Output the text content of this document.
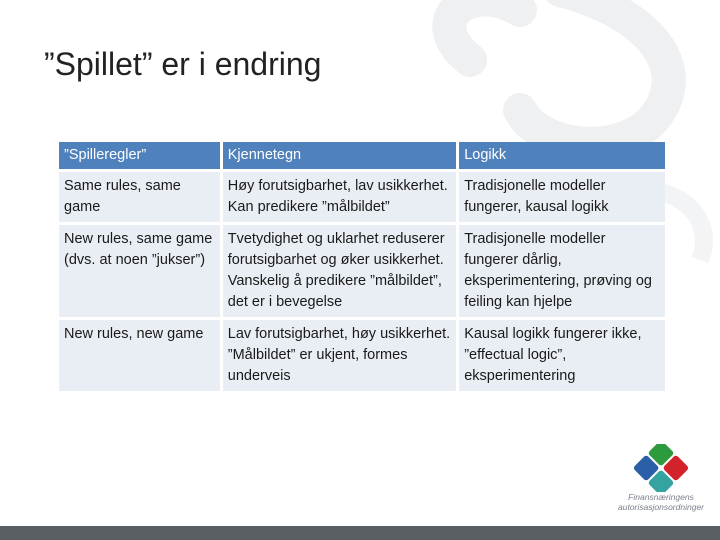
”Spillet” er i endring
”Spilleregler”	Kjennetegn	Logikk
Same rules, same game	Høy forutsigbarhet, lav usikkerhet. Kan predikere ”målbildet”	Tradisjonelle modeller fungerer, kausal logikk
New rules, same game (dvs. at noen ”jukser”)	Tvetydighet og uklarhet reduserer forutsigbarhet og øker usikkerhet. Vanskelig å predikere ”målbildet”, det er i bevegelse	Tradisjonelle modeller fungerer dårlig, eksperimentering, prøving og feiling kan hjelpe
New rules, new game	Lav forutsigbarhet, høy usikkerhet. ”Målbildet” er ukjent, formes underveis	Kausal logikk fungerer ikke, ”effectual logic”, eksperimentering
Finansnæringens
autorisasjonsordninger
